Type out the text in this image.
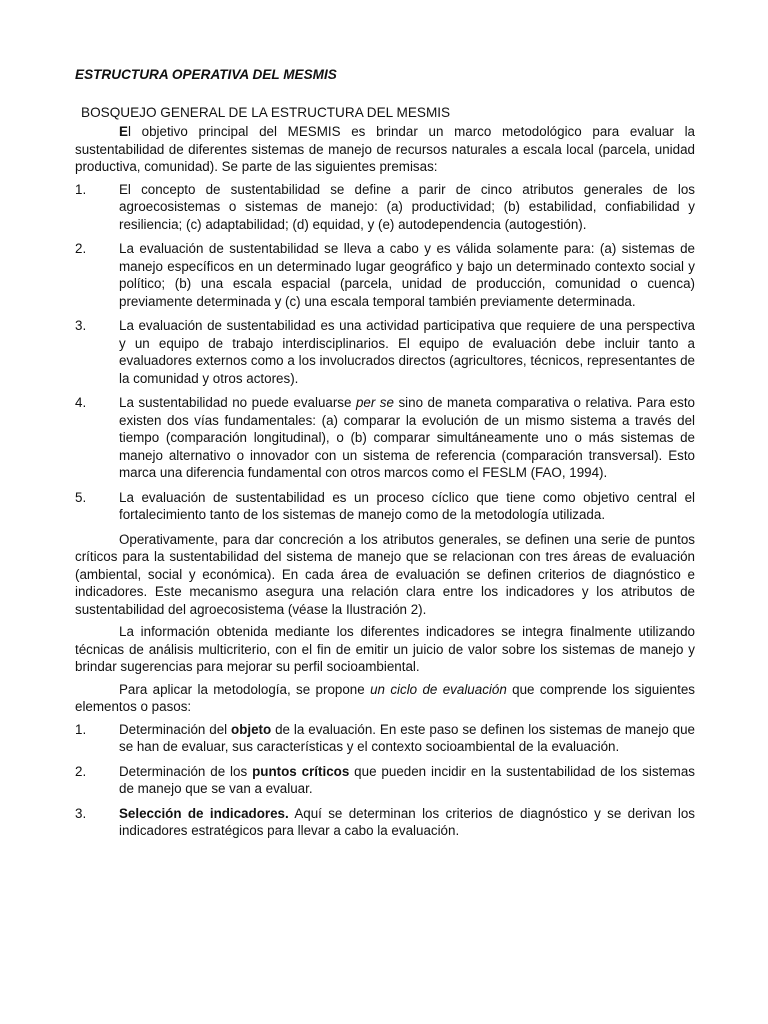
ESTRUCTURA OPERATIVA DEL MESMIS
BOSQUEJO GENERAL DE LA ESTRUCTURA DEL MESMIS

El objetivo principal del MESMIS es brindar un marco metodológico para evaluar la sustentabilidad de diferentes sistemas de manejo de recursos naturales a escala local (parcela, unidad productiva, comunidad). Se parte de las siguientes premisas:

1.	El concepto de sustentabilidad se define a parir de cinco atributos generales de los agroecosistemas o sistemas de manejo: (a) productividad; (b) estabilidad, confiabilidad y resiliencia; (c) adaptabilidad; (d) equidad, y (e) autodependencia (autogestión).
2.	La evaluación de sustentabilidad se lleva a cabo y es válida solamente para: (a) sistemas de manejo específicos en un determinado lugar geográfico y bajo un determinado contexto social y político; (b) una escala espacial (parcela, unidad de producción, comunidad o cuenca) previamente determinada y (c) una escala temporal también previamente determinada.
3.	La evaluación de sustentabilidad es una actividad participativa que requiere de una perspectiva y un equipo de trabajo interdisciplinarios. El equipo de evaluación debe incluir tanto a evaluadores externos como a los involucrados directos (agricultores, técnicos, representantes de la comunidad y otros actores).
4.	La sustentabilidad no puede evaluarse per se sino de maneta comparativa o relativa. Para esto existen dos vías fundamentales: (a) comparar la evolución de un mismo sistema a través del tiempo (comparación longitudinal), o (b) comparar simultáneamente uno o más sistemas de manejo alternativo o innovador con un sistema de referencia (comparación transversal). Esto marca una diferencia fundamental con otros marcos como el FESLM (FAO, 1994).
5.	La evaluación de sustentabilidad es un proceso cíclico que tiene como objetivo central el fortalecimiento tanto de los sistemas de manejo como de la metodología utilizada.

Operativamente, para dar concreción a los atributos generales, se definen una serie de puntos críticos para la sustentabilidad del sistema de manejo que se relacionan con tres áreas de evaluación (ambiental, social y económica). En cada área de evaluación se definen criterios de diagnóstico e indicadores. Este mecanismo asegura una relación clara entre los indicadores y los atributos de sustentabilidad del agroecosistema (véase la Ilustración 2).

La información obtenida mediante los diferentes indicadores se integra finalmente utilizando técnicas de análisis multicriterio, con el fin de emitir un juicio de valor sobre los sistemas de manejo y brindar sugerencias para mejorar su perfil socioambiental.

Para aplicar la metodología, se propone un ciclo de evaluación que comprende los siguientes elementos o pasos:

1.	Determinación del objeto de la evaluación. En este paso se definen los sistemas de manejo que se han de evaluar, sus características y el contexto socioambiental de la evaluación.
2.	Determinación de los puntos críticos que pueden incidir en la sustentabilidad de los sistemas de manejo que se van a evaluar.
3.	Selección de indicadores. Aquí se determinan los criterios de diagnóstico y se derivan los indicadores estratégicos para llevar a cabo la evaluación.
